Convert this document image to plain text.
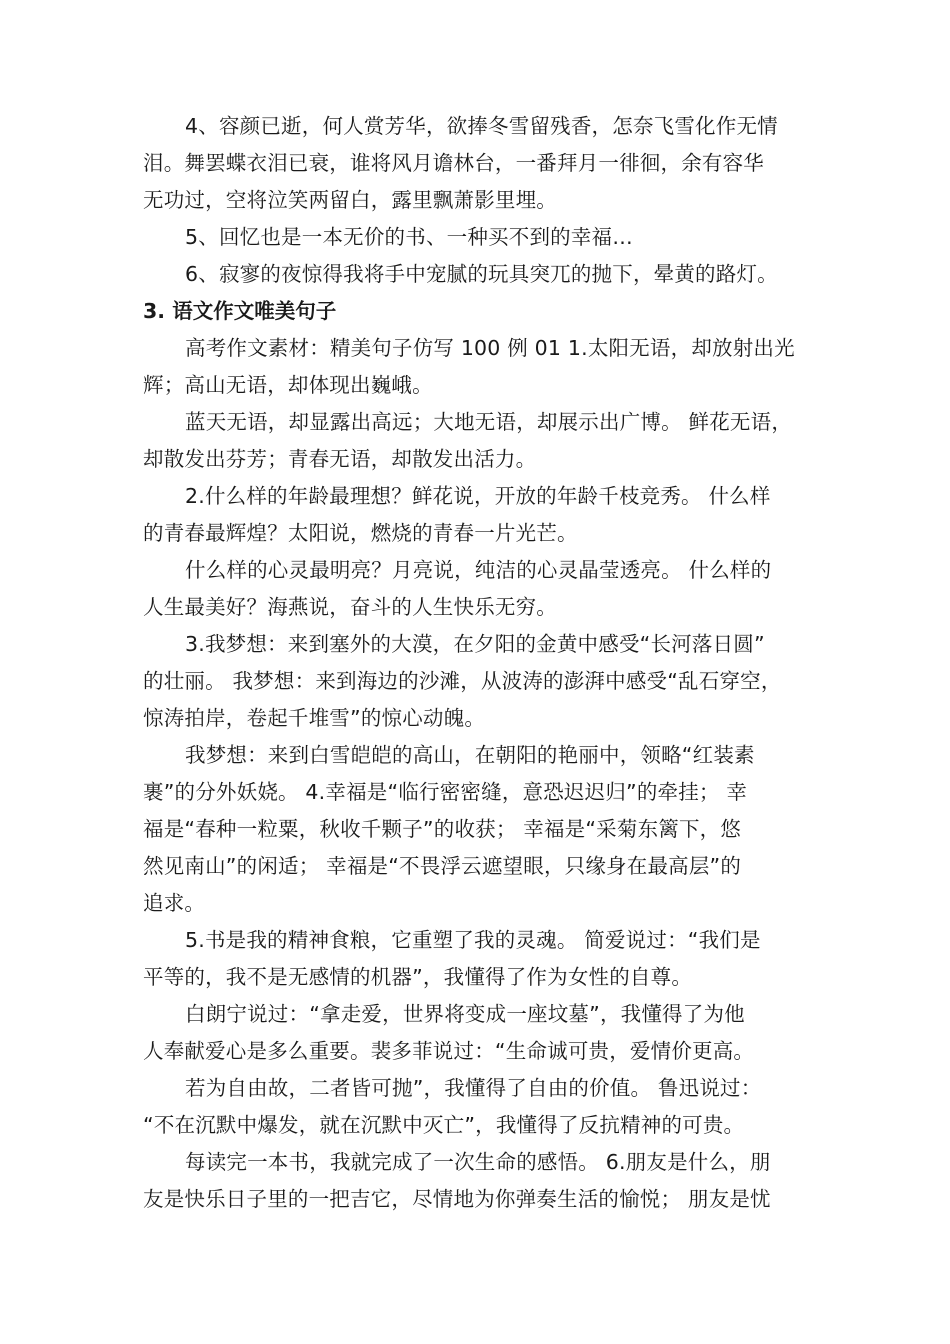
4、容颜已逝，何人赏芳华，欲捧冬雪留残香，怎奈飞雪化作无情
泪。舞罢蝶衣泪已衰，谁将风月谵林台，一番拜月一徘徊，余有容华
无功过，空将泣笑两留白，露里飘萧影里埋。

5、回忆也是一本无价的书、一种买不到的幸福…

6、寂寥的夜惊得我将手中宠腻的玩具突兀的抛下，晕黄的路灯。

3. 语文作文唯美句子

高考作文素材：精美句子仿写 100 例 01 1.太阳无语，却放射出光
辉；高山无语，却体现出巍峨。

蓝天无语，却显露出高远；大地无语，却展示出广博。 鲜花无语，
却散发出芬芳；青春无语，却散发出活力。

2.什么样的年龄最理想？鲜花说，开放的年龄千枝竞秀。 什么样
的青春最辉煌？太阳说，燃烧的青春一片光芒。

什么样的心灵最明亮？月亮说，纯洁的心灵晶莹透亮。 什么样的
人生最美好？海燕说，奋斗的人生快乐无穷。

3.我梦想：来到塞外的大漠，在夕阳的金黄中感受“长河落日圆”
的壮丽。 我梦想：来到海边的沙滩，从波涛的澎湃中感受“乱石穿空，
惊涛拍岸，卷起千堆雪”的惊心动魄。

我梦想：来到白雪皑皑的高山，在朝阳的艳丽中，领略“红装素
裹”的分外妖娆。 4.幸福是“临行密密缝，意恐迟迟归”的牵挂； 幸
福是“春种一粒粟，秋收千颗子”的收获； 幸福是“采菊东篱下，悠
然见南山”的闲适； 幸福是“不畏浮云遮望眼，只缘身在最高层”的
追求。

5.书是我的精神食粮，它重塑了我的灵魂。 简爱说过：“我们是
平等的，我不是无感情的机器”，我懂得了作为女性的自尊。

白朗宁说过：“拿走爱，世界将变成一座坟墓”，我懂得了为他
人奉献爱心是多么重要。裴多菲说过：“生命诚可贵，爱情价更高。

若为自由故，二者皆可抛”，我懂得了自由的价值。 鲁迅说过：
“不在沉默中爆发，就在沉默中灭亡”，我懂得了反抗精神的可贵。

每读完一本书，我就完成了一次生命的感悟。 6.朋友是什么，朋
友是快乐日子里的一把吉它，尽情地为你弹奏生活的愉悦； 朋友是忧
